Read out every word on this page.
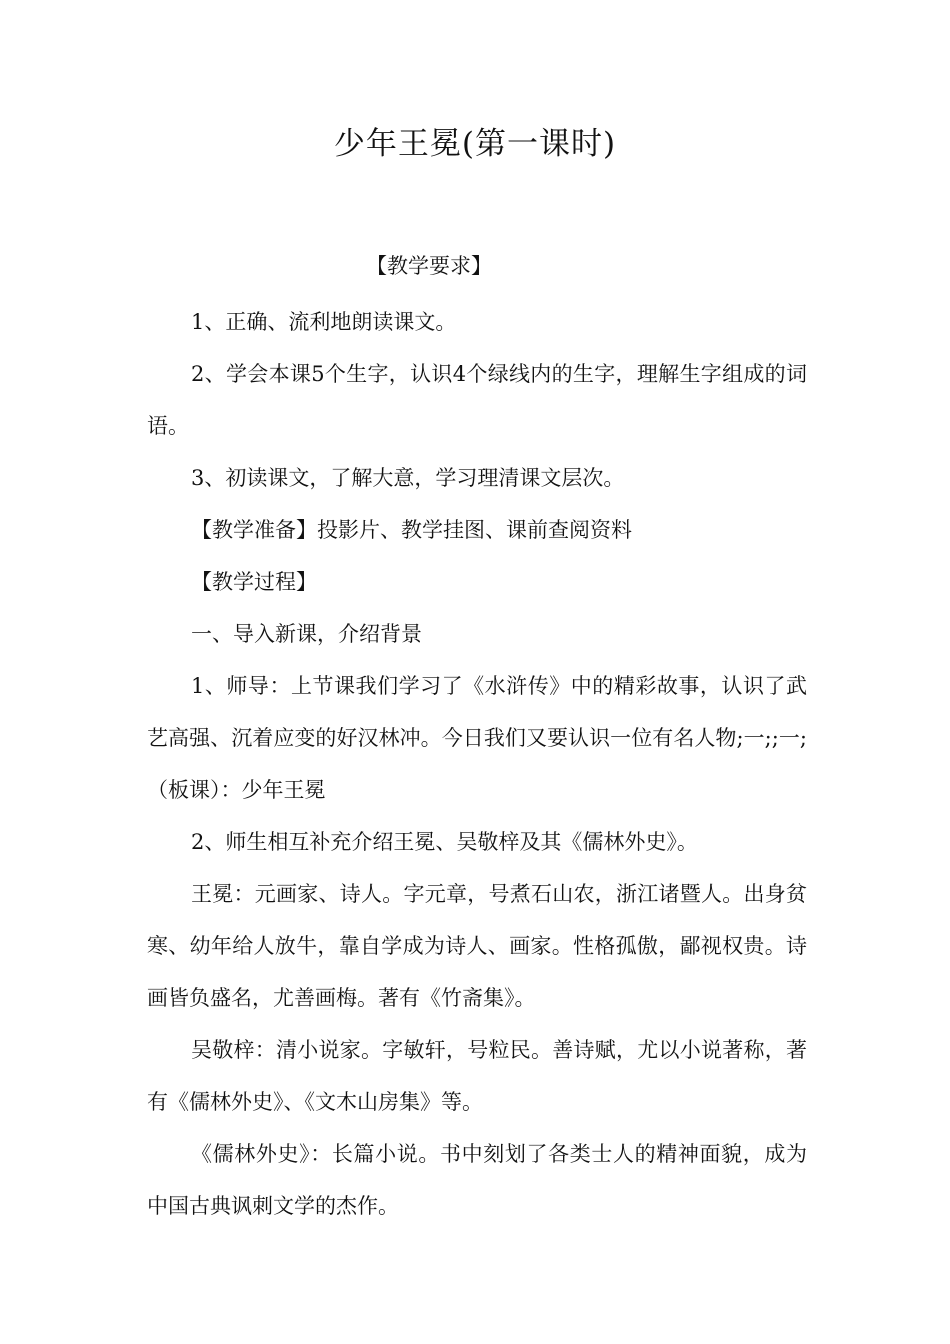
少年王冕(第一课时)
【教学要求】

1、正确、流利地朗读课文。

2、学会本课5个生字，认识4个绿线内的生字，理解生字组成的词语。

3、初读课文，了解大意，学习理清课文层次。

【教学准备】投影片、教学挂图、课前查阅资料

【教学过程】

一、导入新课，介绍背景

1、师导：上节课我们学习了《水浒传》中的精彩故事，认识了武艺高强、沉着应变的好汉林冲。今日我们又要认识一位有名人物;一;;一;（板课）：少年王冕

2、师生相互补充介绍王冕、吴敬梓及其《儒林外史》。

王冕：元画家、诗人。字元章，号煮石山农，浙江诸暨人。出身贫寒、幼年给人放牛，靠自学成为诗人、画家。性格孤傲，鄙视权贵。诗画皆负盛名，尤善画梅。著有《竹斋集》。

吴敬梓：清小说家。字敏轩，号粒民。善诗赋，尤以小说著称，著有《儒林外史》、《文木山房集》等。

《儒林外史》：长篇小说。书中刻划了各类士人的精神面貌，成为中国古典讽刺文学的杰作。
